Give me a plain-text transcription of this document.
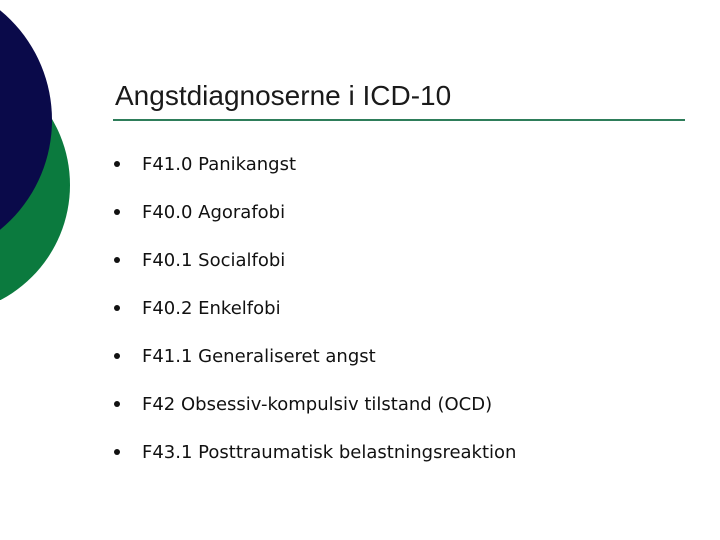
Angstdiagnoserne i ICD-10
F41.0 Panikangst
F40.0 Agorafobi
F40.1 Socialfobi
F40.2 Enkelfobi
F41.1 Generaliseret angst
F42 Obsessiv-kompulsiv tilstand (OCD)
F43.1 Posttraumatisk belastningsreaktion
